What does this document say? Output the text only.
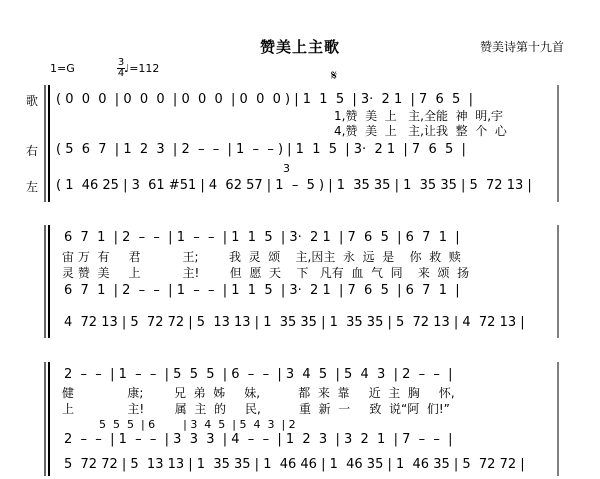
赞美上主歌	赞美诗第十九首
1=G	3
4 ♩=112	𝄋
歌
右
左
( 0  0  0  | 0  0  0  | 0  0  0  | 0  0  0 ) | 1  1  5  | 3·  2 1  | 7  6  5  |
1,赞  美  上   主,全能  神  明,宇
4,赞  美  上   主,让我  整  个  心
( 5  6  7  | 1  2  3  | 2  –  –  | 1  –  – ) | 1  1  5  | 3·  2 1  | 7  6  5  |
3
( 1  46 25 | 3  61 #51 | 4  62 57 | 1  –  5 ) | 1  35 35 | 1  35 35 | 5  72 13 |
6  7  1  | 2  –  –  | 1  –  –  | 1  1  5  | 3·  2 1  | 7  6  5  | 6  7  1  |
宙 万  有     君           王;        我  灵  颂    主,因主  永  远  是    你  救  赎
灵 赞  美     上           主!        但  愿  天    下   凡有  血  气  同    来  颂  扬
6  7  1  | 2  –  –  | 1  –  –  | 1  1  5  | 3·  2 1  | 7  6  5  | 6  7  1  |
4  72 13 | 5  72 72 | 5  13 13 | 1  35 35 | 1  35 35 | 5  72 13 | 4  72 13 |
2  –  –  | 1  –  –  | 5  5  5  | 6  –  –  | 3  4  5  | 5  4  3  | 2  –  –  |
健              康;        兄  弟  姊     妹,          都  来  靠     近  主  胸     怀,
上              主!        属  主  的     民,          重  新  一     致  说“阿  们!”
5  5  5  | 6        | 3  4  5  | 5  4  3  | 2
2  –  –  | 1  –  –  | 3  3  3  | 4  –  –  | 1  2  3  | 3  2  1  | 7  –  –  |
5  72 72 | 5  13 13 | 1  35 35 | 1  46 46 | 1  46 35 | 1  46 35 | 5  72 72 |
